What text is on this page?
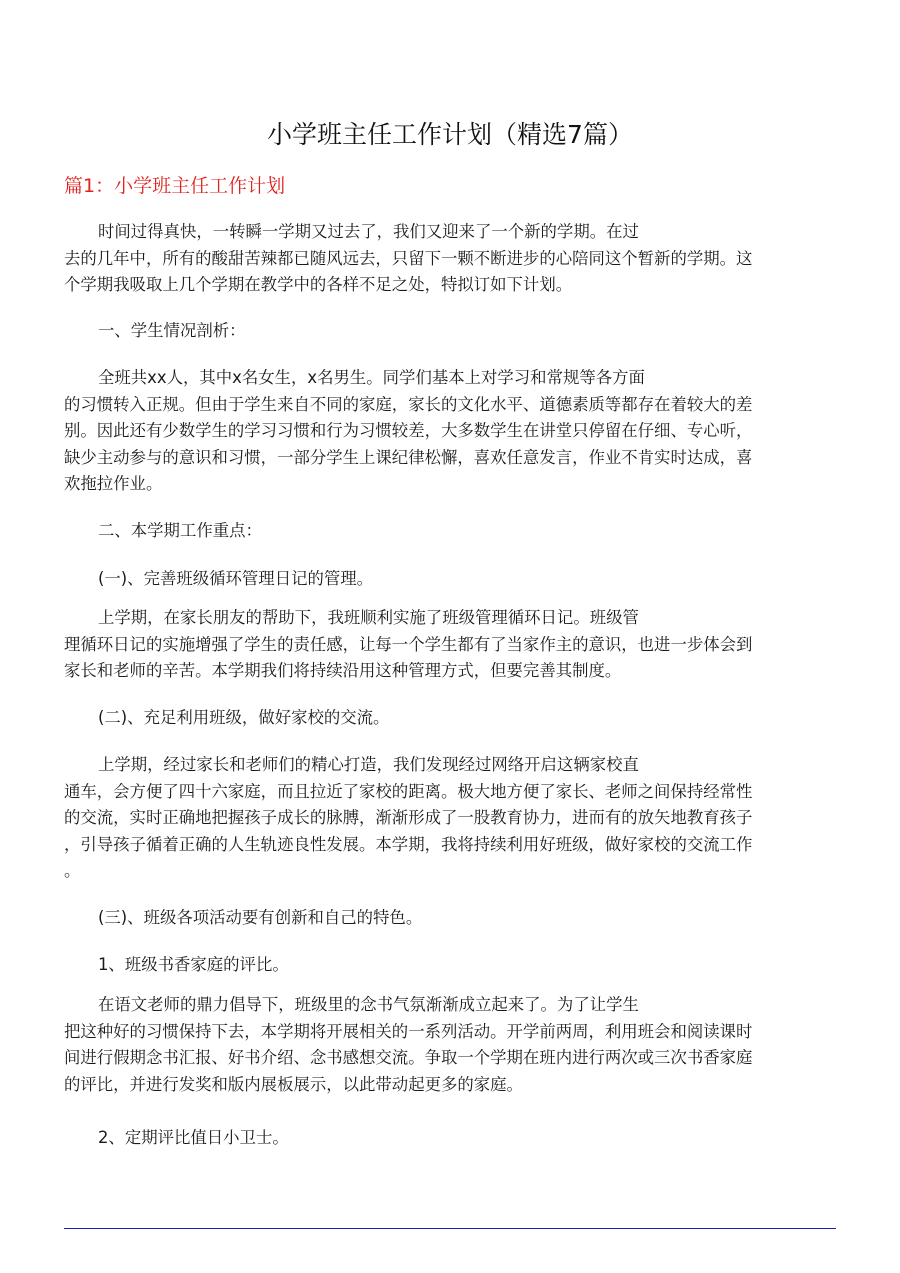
小学班主任工作计划（精选7篇）
篇1：小学班主任工作计划
时间过得真快，一转瞬一学期又过去了，我们又迎来了一个新的学期。在过
去的几年中，所有的酸甜苦辣都已随风远去，只留下一颗不断进步的心陪同这个暂新的学期。这
个学期我吸取上几个学期在教学中的各样不足之处，特拟订如下计划。
一、学生情况剖析：
全班共xx人，其中x名女生，x名男生。同学们基本上对学习和常规等各方面
的习惯转入正规。但由于学生来自不同的家庭，家长的文化水平、道德素质等都存在着较大的差
别。因此还有少数学生的学习习惯和行为习惯较差，大多数学生在讲堂只停留在仔细、专心听，
缺少主动参与的意识和习惯，一部分学生上课纪律松懈，喜欢任意发言，作业不肯实时达成，喜
欢拖拉作业。
二、本学期工作重点：
(一)、完善班级循环管理日记的管理。
上学期，在家长朋友的帮助下，我班顺利实施了班级管理循环日记。班级管
理循环日记的实施增强了学生的责任感，让每一个学生都有了当家作主的意识，也进一步体会到
家长和老师的辛苦。本学期我们将持续沿用这种管理方式，但要完善其制度。
(二)、充足利用班级，做好家校的交流。
上学期，经过家长和老师们的精心打造，我们发现经过网络开启这辆家校直
通车，会方便了四十六家庭，而且拉近了家校的距离。极大地方便了家长、老师之间保持经常性
的交流，实时正确地把握孩子成长的脉膊，渐渐形成了一股教育协力，进而有的放矢地教育孩子
，引导孩子循着正确的人生轨迹良性发展。本学期，我将持续利用好班级，做好家校的交流工作
。
(三)、班级各项活动要有创新和自己的特色。
1、班级书香家庭的评比。
在语文老师的鼎力倡导下，班级里的念书气氛渐渐成立起来了。为了让学生
把这种好的习惯保持下去，本学期将开展相关的一系列活动。开学前两周，利用班会和阅读课时
间进行假期念书汇报、好书介绍、念书感想交流。争取一个学期在班内进行两次或三次书香家庭
的评比，并进行发奖和版内展板展示，以此带动起更多的家庭。
2、定期评比值日小卫士。
